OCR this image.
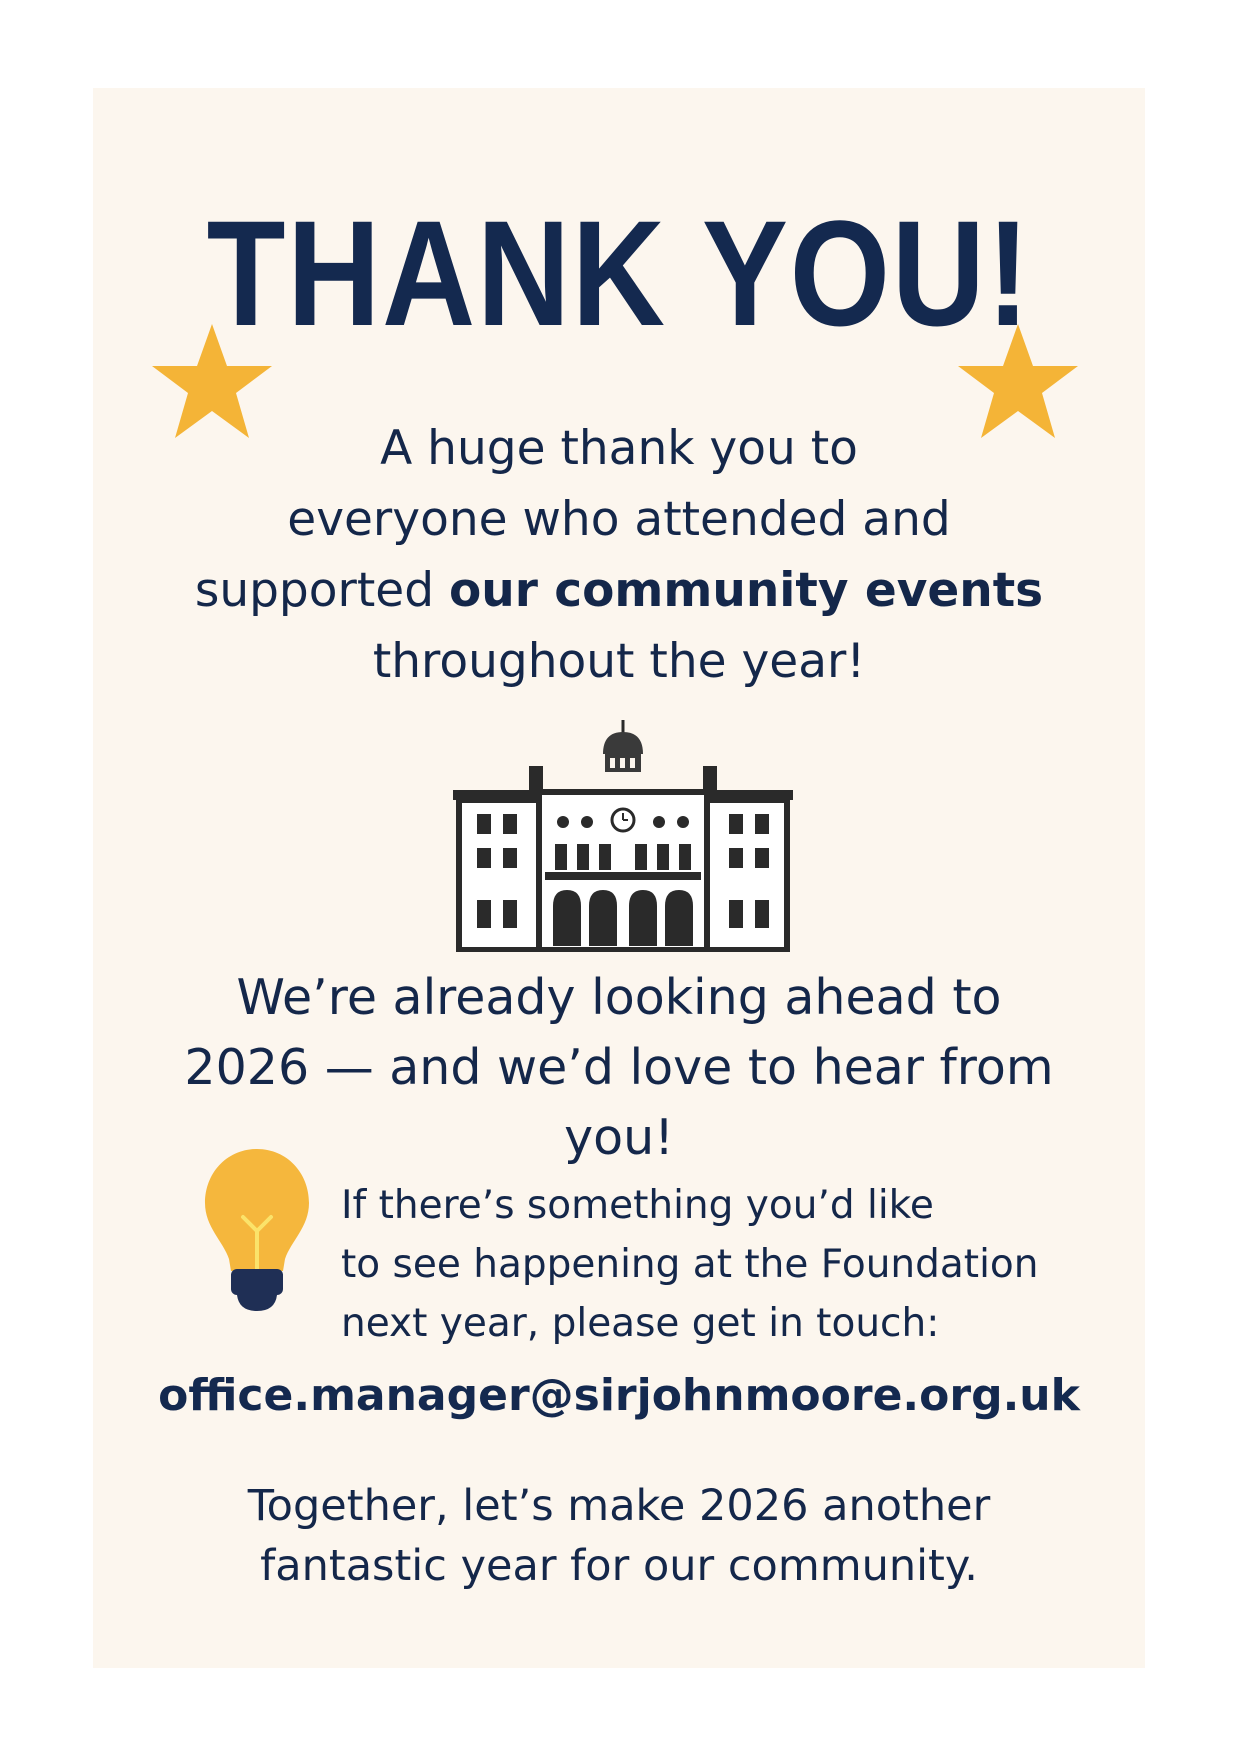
THANK YOU!
A huge thank you to
everyone who attended and
supported our community events
throughout the year!
We’re already looking ahead to
2026 — and we’d love to hear from
you!
If there’s something you’d like
to see happening at the Foundation
next year, please get in touch:
office.manager@sirjohnmoore.org.uk
Together, let’s make 2026 another
fantastic year for our community.
